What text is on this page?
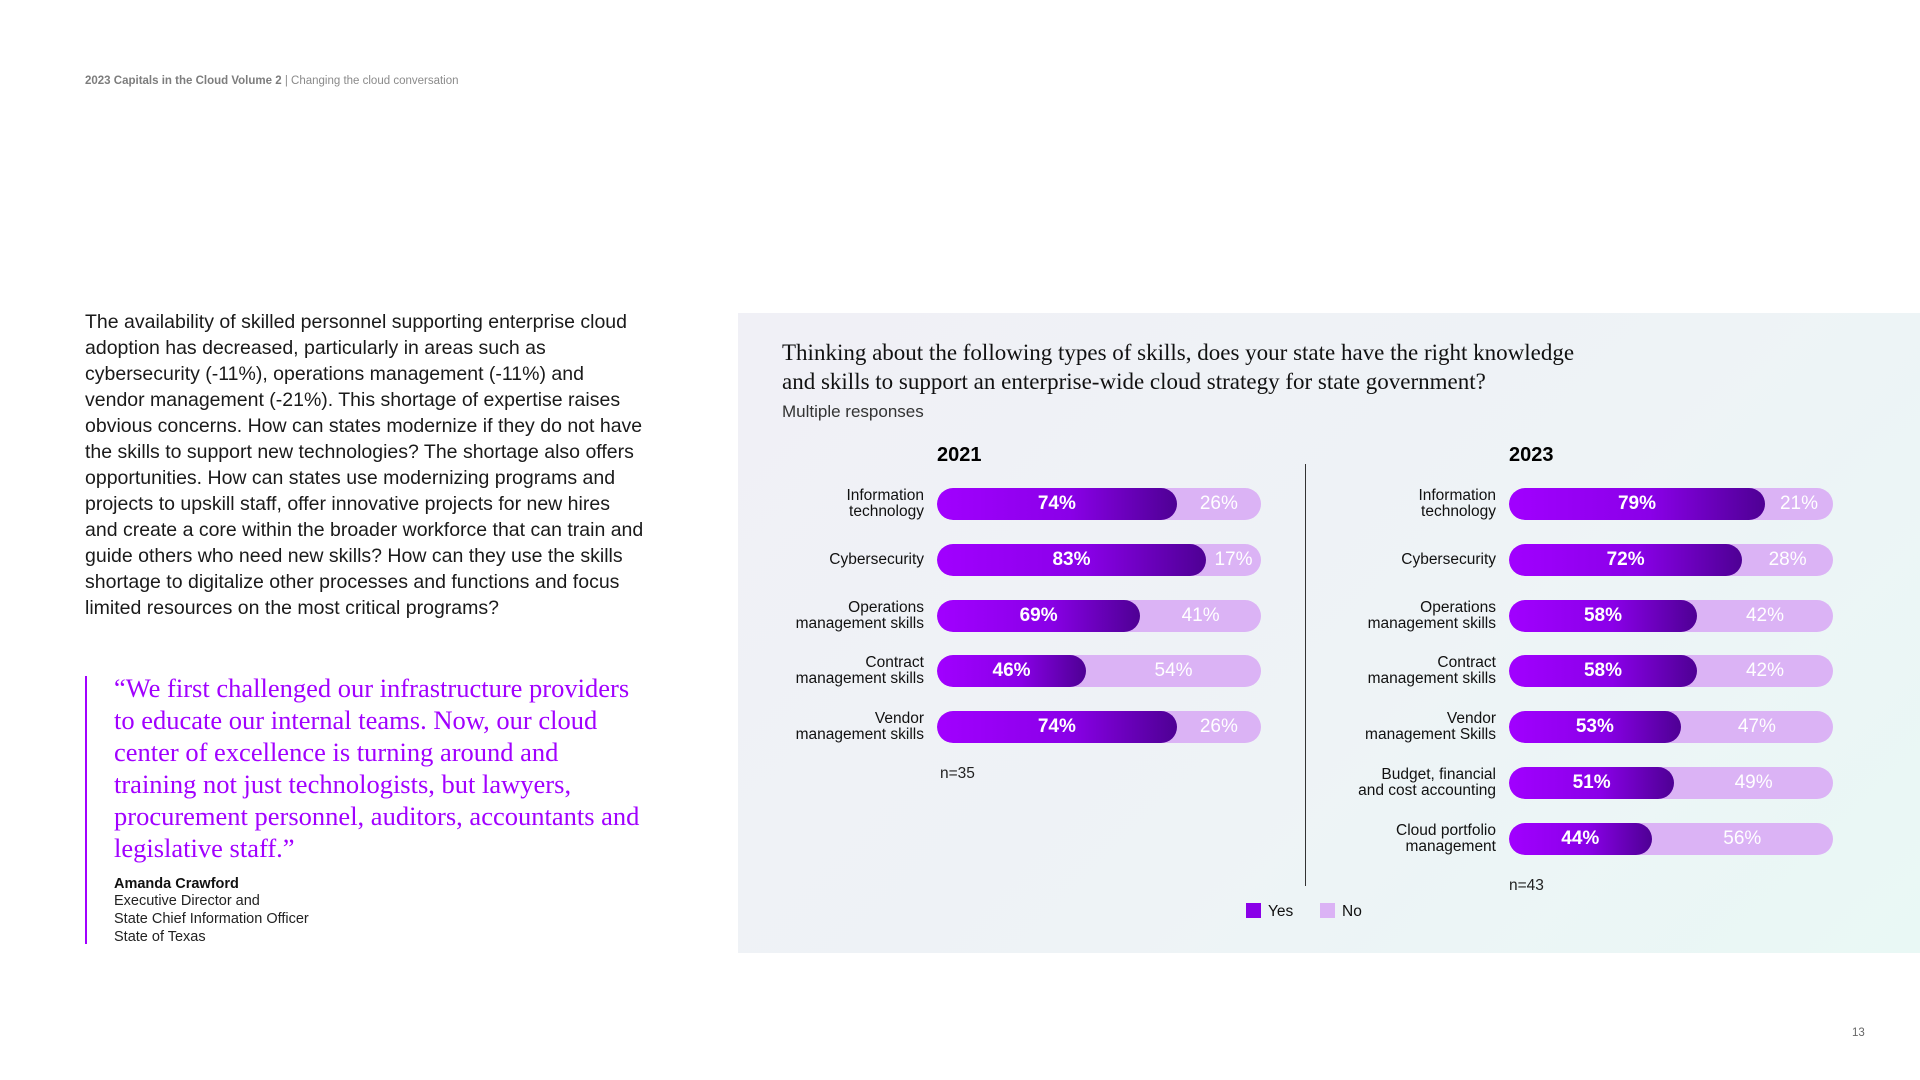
2023 Capitals in the Cloud Volume 2 | Changing the cloud conversation
The availability of skilled personnel supporting enterprise cloud adoption has decreased, particularly in areas such as cybersecurity (-11%), operations management (-11%) and vendor management (-21%). This shortage of expertise raises obvious concerns. How can states modernize if they do not have the skills to support new technologies? The shortage also offers opportunities. How can states use modernizing programs and projects to upskill staff, offer innovative projects for new hires and create a core within the broader workforce that can train and guide others who need new skills? How can they use the skills shortage to digitalize other processes and functions and focus limited resources on the most critical programs?
“We first challenged our infrastructure providers to educate our internal teams. Now, our cloud center of excellence is turning around and training not just technologists, but lawyers, procurement personnel, auditors, accountants and legislative staff.”
Amanda Crawford
Executive Director and
State Chief Information Officer
State of Texas
Thinking about the following types of skills, does your state have the right knowledge
and skills to support an enterprise-wide cloud strategy for state government?
Multiple responses
2021
Information
technology	74%	26%
Cybersecurity	83%	17%
Operations
management skills	69%	41%
Contract
management skills	46%	54%
Vendor
management skills	74%	26%
n=35
2023
Information
technology	79%	21%
Cybersecurity	72%	28%
Operations
management skills	58%	42%
Contract
management skills	58%	42%
Vendor
management Skills	53%	47%
Budget, financial
and cost accounting	51%	49%
Cloud portfolio
management	44%	56%
n=43
Yes	No
13
